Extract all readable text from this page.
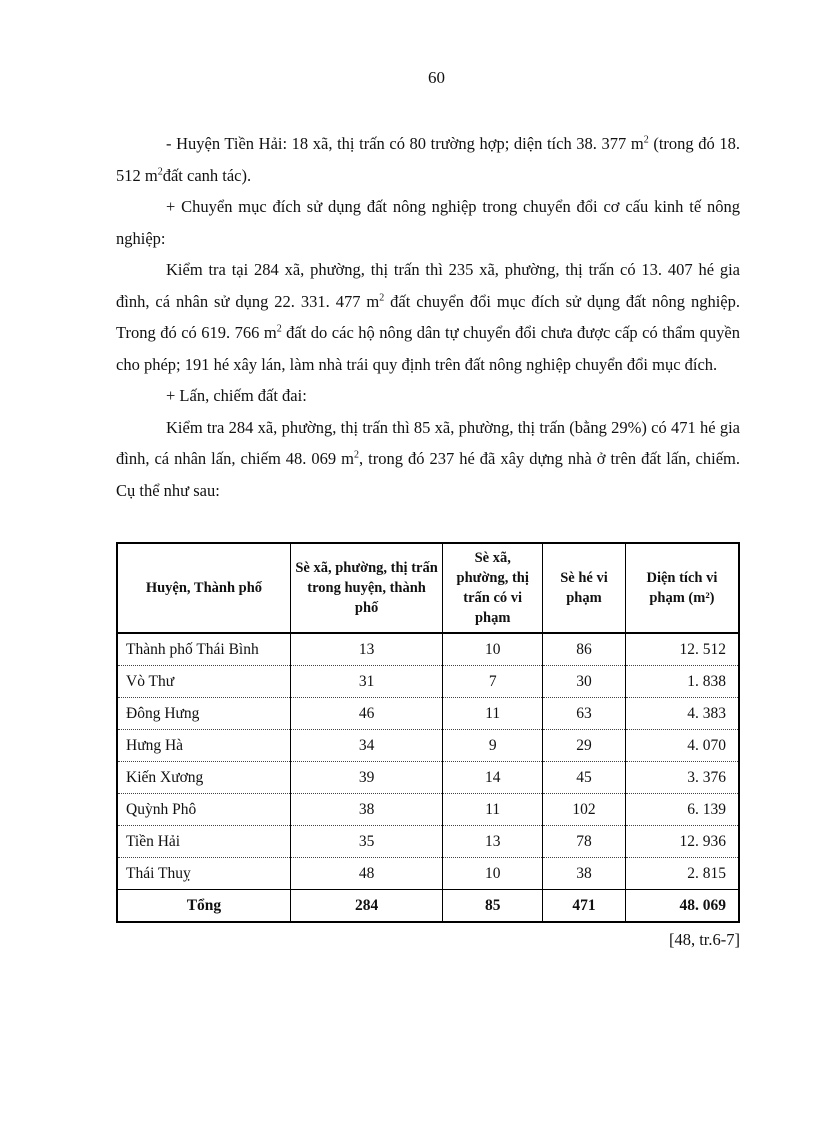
60

- Huyện Tiền Hải: 18 xã, thị trấn có 80 trường hợp; diện tích 38. 377 $m^2$ (trong đó 18. 512 $m^2đất$ canh tác).

+ Chuyển mục đích sử dụng đất nông nghiệp trong chuyển đổi cơ cấu kinh tế nông nghiệp:

Kiểm tra tại 284 xã, phường, thị trấn thì 235 xã, phường, thị trấn có 13. 407 hé gia đình, cá nhân sử dụng 22. 331. 477 $m^2$ đất chuyển đổi mục đích sử dụng đất nông nghiệp. Trong đó có 619. 766 $m^2$ đất do các hộ nông dân tự chuyển đổi chưa được cấp có thẩm quyền cho phép; 191 hé xây lán, làm nhà trái quy định trên đất nông nghiệp chuyển đổi mục đích.

+ Lấn, chiếm đất đai:

Kiểm tra 284 xã, phường, thị trấn thì 85 xã, phường, thị trấn (bằng 29%) có 471 hé gia đình, cá nhân lấn, chiếm 48. 069 $m^2$, trong đó 237 hé đã xây dựng nhà ở trên đất lấn, chiếm. Cụ thể như sau:

Huyện, Thành phố	Sè xã, phường, thị trấn trong huyện, thành phố	Sè xã, phường, thị trấn có vi phạm	Sè hé vi phạm	Diện tích vi phạm (m²)
Thành phố Thái Bình	13	10	86	12. 512
Vò Thư	31	7	30	1. 838
Đông Hưng	46	11	63	4. 383
Hưng Hà	34	9	29	4. 070
Kiến Xương	39	14	45	3. 376
Quỳnh Phô	38	11	102	6. 139
Tiền Hải	35	13	78	12. 936
Thái Thuỵ	48	10	38	2. 815
Tổng	284	85	471	48. 069
[48, tr.6-7]
